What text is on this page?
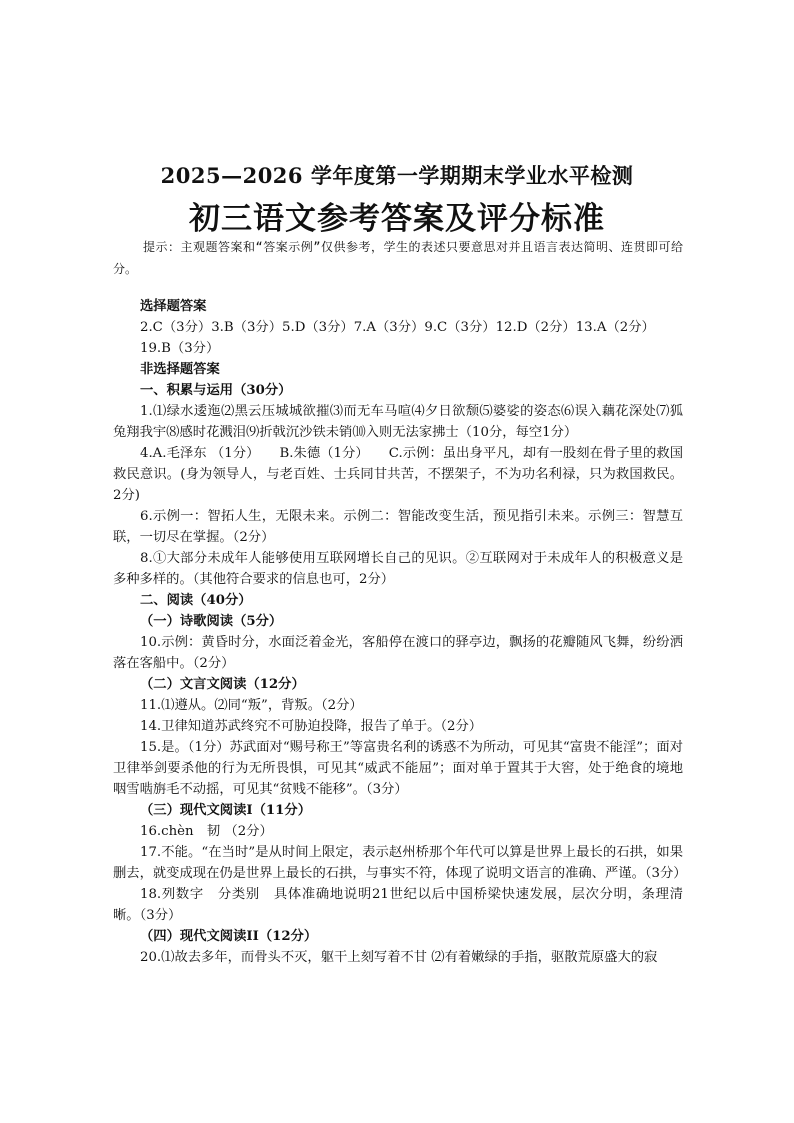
2025—2026 学年度第一学期期末学业水平检测
初三语文参考答案及评分标准
提示：主观题答案和“答案示例”仅供参考，学生的表述只要意思对并且语言表达简明、连贯即可给分。

选择题答案

2.C（3分）3.B（3分）5.D（3分）7.A（3分）9.C（3分）12.D（2分）13.A（2分）

19.B（3分）

非选择题答案

一、积累与运用（30分）

1.⑴绿水逶迤⑵黑云压城城欲摧⑶而无车马喧⑷夕日欲颓⑸婆娑的姿态⑹误入藕花深处⑺狐兔翔我宇⑻感时花溅泪⑼折戟沉沙铁未销⑽入则无法家拂士（10分，每空1分）

4.A.毛泽东 （1分）　　B.朱德（1分）　　C.示例：虽出身平凡，却有一股刻在骨子里的救国救民意识。(身为领导人，与老百姓、士兵同甘共苦，不摆架子，不为功名利禄，只为救国救民。2分)

6.示例一：智拓人生，无限未来。示例二：智能改变生活，预见指引未来。示例三：智慧互联，一切尽在掌握。（2分）

8.①大部分未成年人能够使用互联网增长自己的见识。②互联网对于未成年人的积极意义是多种多样的。（其他符合要求的信息也可，2分）

二、阅读（40分）

（一）诗歌阅读（5分）

10.示例：黄昏时分，水面泛着金光，客船停在渡口的驿亭边，飘扬的花瓣随风飞舞，纷纷洒落在客船中。（2分）

（二）文言文阅读（12分）

11.⑴遵从。⑵同“叛”，背叛。（2分）

14.卫律知道苏武终究不可胁迫投降，报告了单于。（2分）

15.是。（1分）苏武面对“赐号称王”等富贵名利的诱惑不为所动，可见其“富贵不能淫”；面对卫律举剑要杀他的行为无所畏惧，可见其“威武不能屈”；面对单于置其于大窖，处于绝食的境地咽雪啮旃毛不动摇，可见其“贫贱不能移”。（3分）

（三）现代文阅读I（11分）

16.chèn　韧 （2分）

17.不能。“在当时”是从时间上限定，表示赵州桥那个年代可以算是世界上最长的石拱，如果删去，就变成现在仍是世界上最长的石拱，与事实不符，体现了说明文语言的准确、严谨。（3分）

18.列数字　分类别　具体准确地说明21世纪以后中国桥梁快速发展，层次分明，条理清晰。（3分）

（四）现代文阅读II（12分）

20.⑴故去多年，而骨头不灭，躯干上刻写着不甘 ⑵有着嫩绿的手指，驱散荒原盛大的寂
